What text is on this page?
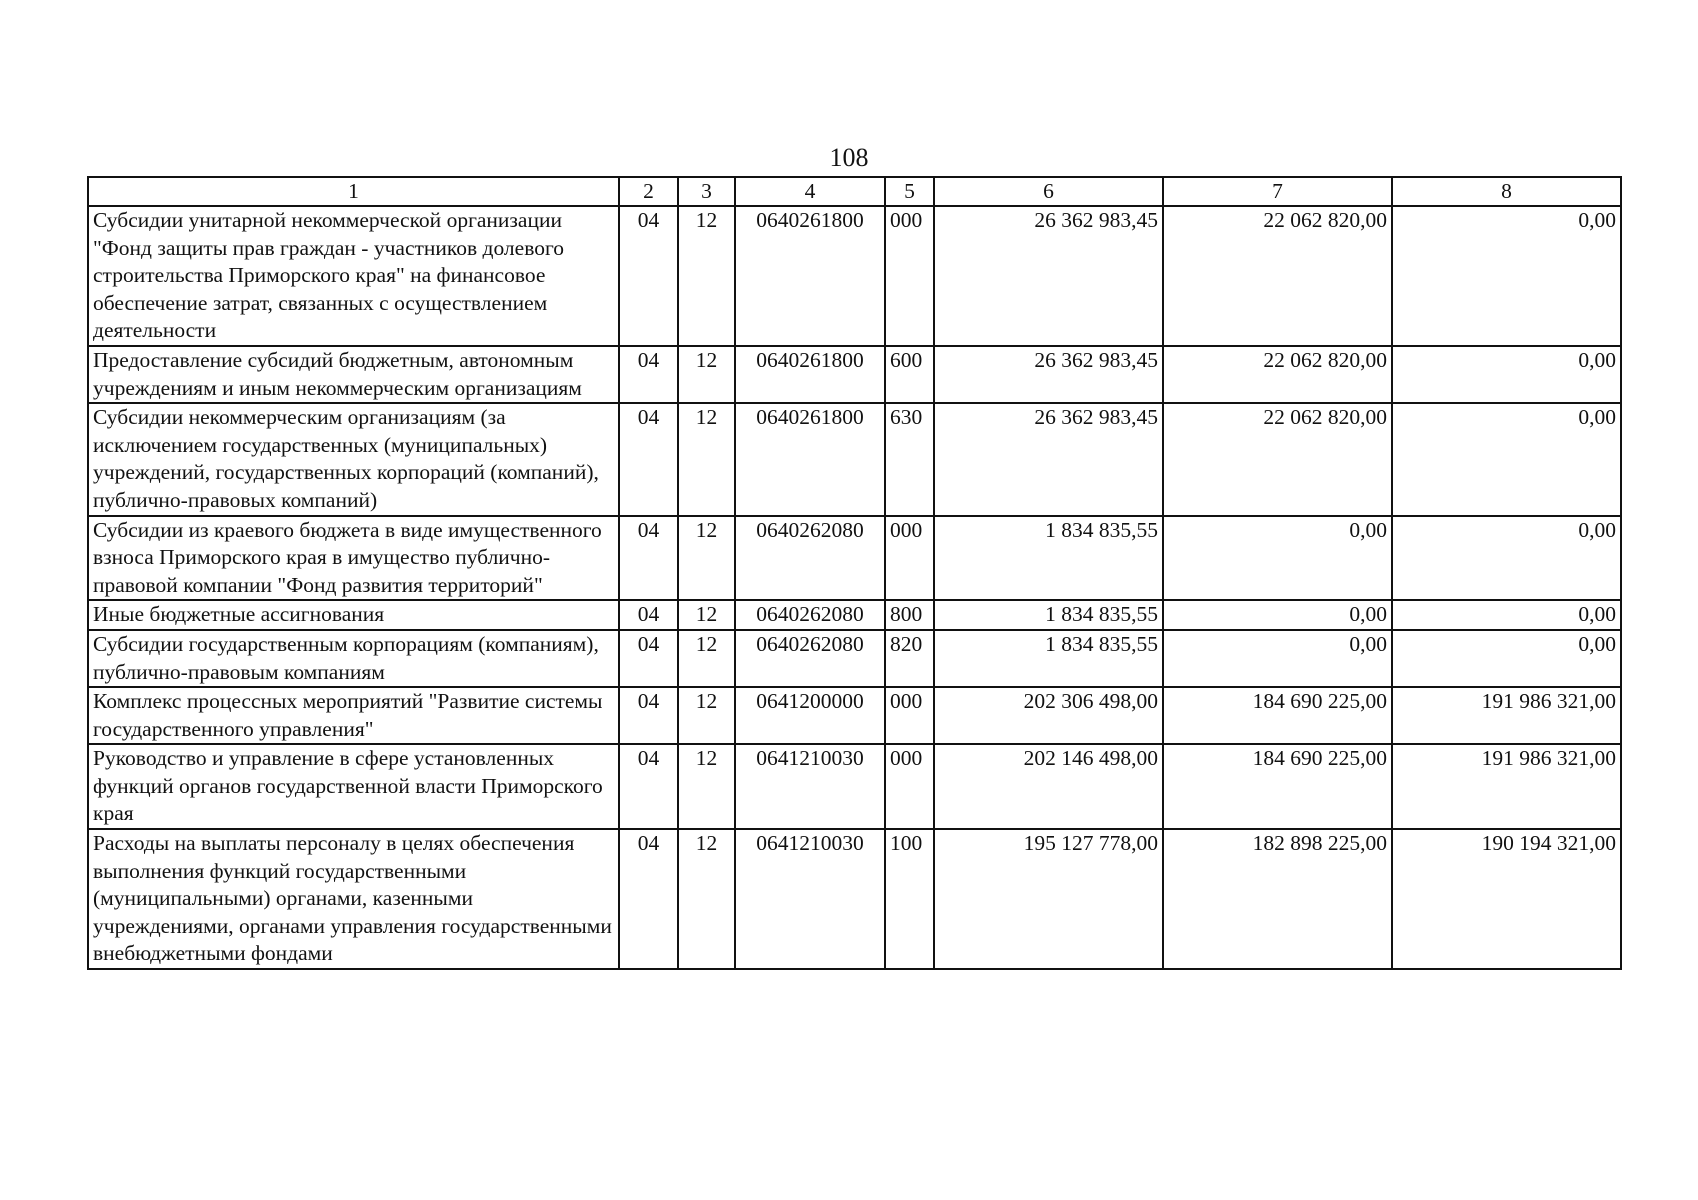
108
1	2	3	4	5	6	7	8
Субсидии унитарной некоммерческой организации "Фонд защиты прав граждан - участников долевого строительства Приморского края" на финансовое обеспечение затрат, связанных с осуществлением деятельности	04	12	0640261800	000	26 362 983,45	22 062 820,00	0,00
Предоставление субсидий бюджетным, автономным учреждениям и иным некоммерческим организациям	04	12	0640261800	600	26 362 983,45	22 062 820,00	0,00
Субсидии некоммерческим организациям (за исключением государственных (муниципальных) учреждений, государственных корпораций (компаний), публично-правовых компаний)	04	12	0640261800	630	26 362 983,45	22 062 820,00	0,00
Субсидии из краевого бюджета в виде имущественного взноса Приморского края в имущество публично-правовой компании "Фонд развития территорий"	04	12	0640262080	000	1 834 835,55	0,00	0,00
Иные бюджетные ассигнования	04	12	0640262080	800	1 834 835,55	0,00	0,00
Субсидии государственным корпорациям (компаниям), публично-правовым компаниям	04	12	0640262080	820	1 834 835,55	0,00	0,00
Комплекс процессных мероприятий "Развитие системы государственного управления"	04	12	0641200000	000	202 306 498,00	184 690 225,00	191 986 321,00
Руководство и управление в сфере установленных функций органов государственной власти Приморского края	04	12	0641210030	000	202 146 498,00	184 690 225,00	191 986 321,00
Расходы на выплаты персоналу в целях обеспечения выполнения функций государственными (муниципальными) органами, казенными учреждениями, органами управления государственными внебюджетными фондами	04	12	0641210030	100	195 127 778,00	182 898 225,00	190 194 321,00
